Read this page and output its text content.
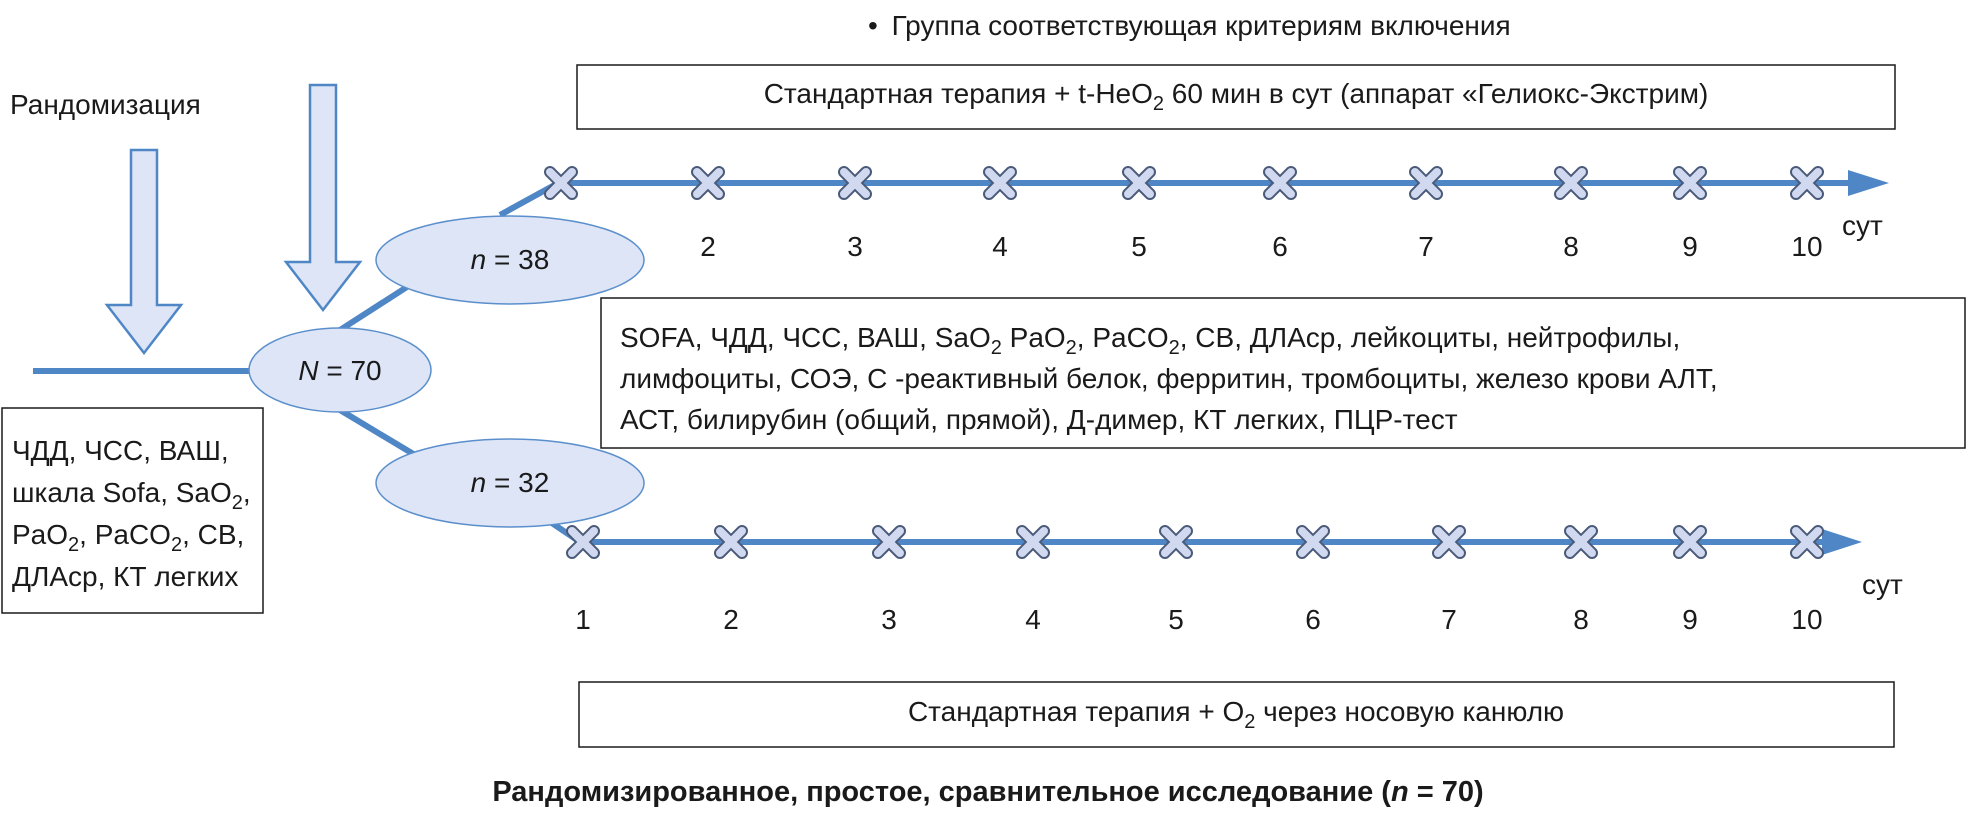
• Группа соответствующая критериям включения
Рандомизация
2	3	4	5	6	7	8	9	10
сут
1	2	3	4	5	6	7	8	9	10
сут
N = 70
n = 38
n = 32
Стандартная терапия + t-HeO$_2$ 60 мин в сут (аппарат «Гелиокс-Экстрим)
Стандартная терапия + $O_2$ через носовую канюлю
SOFA, ЧДД, ЧСС, ВАШ, SaO$_2$ PaO$_2$, PaCO$_2$, СВ, ДЛАср, лейкоциты, нейтрофилы,
лимфоциты, СОЭ, С -реактивный белок, ферритин, тромбоциты, железо крови АЛТ,
АСТ, билирубин (общий, прямой), Д-димер, КТ легких, ПЦР-тест
ЧДД, ЧСС, ВАШ,
шкала Sofa, SaO$_2$,
PaO$_2$, PaCO$_2$, СВ,
ДЛАср, КТ легких
Рандомизированное, простое, сравнительное исследование (n = 70)
